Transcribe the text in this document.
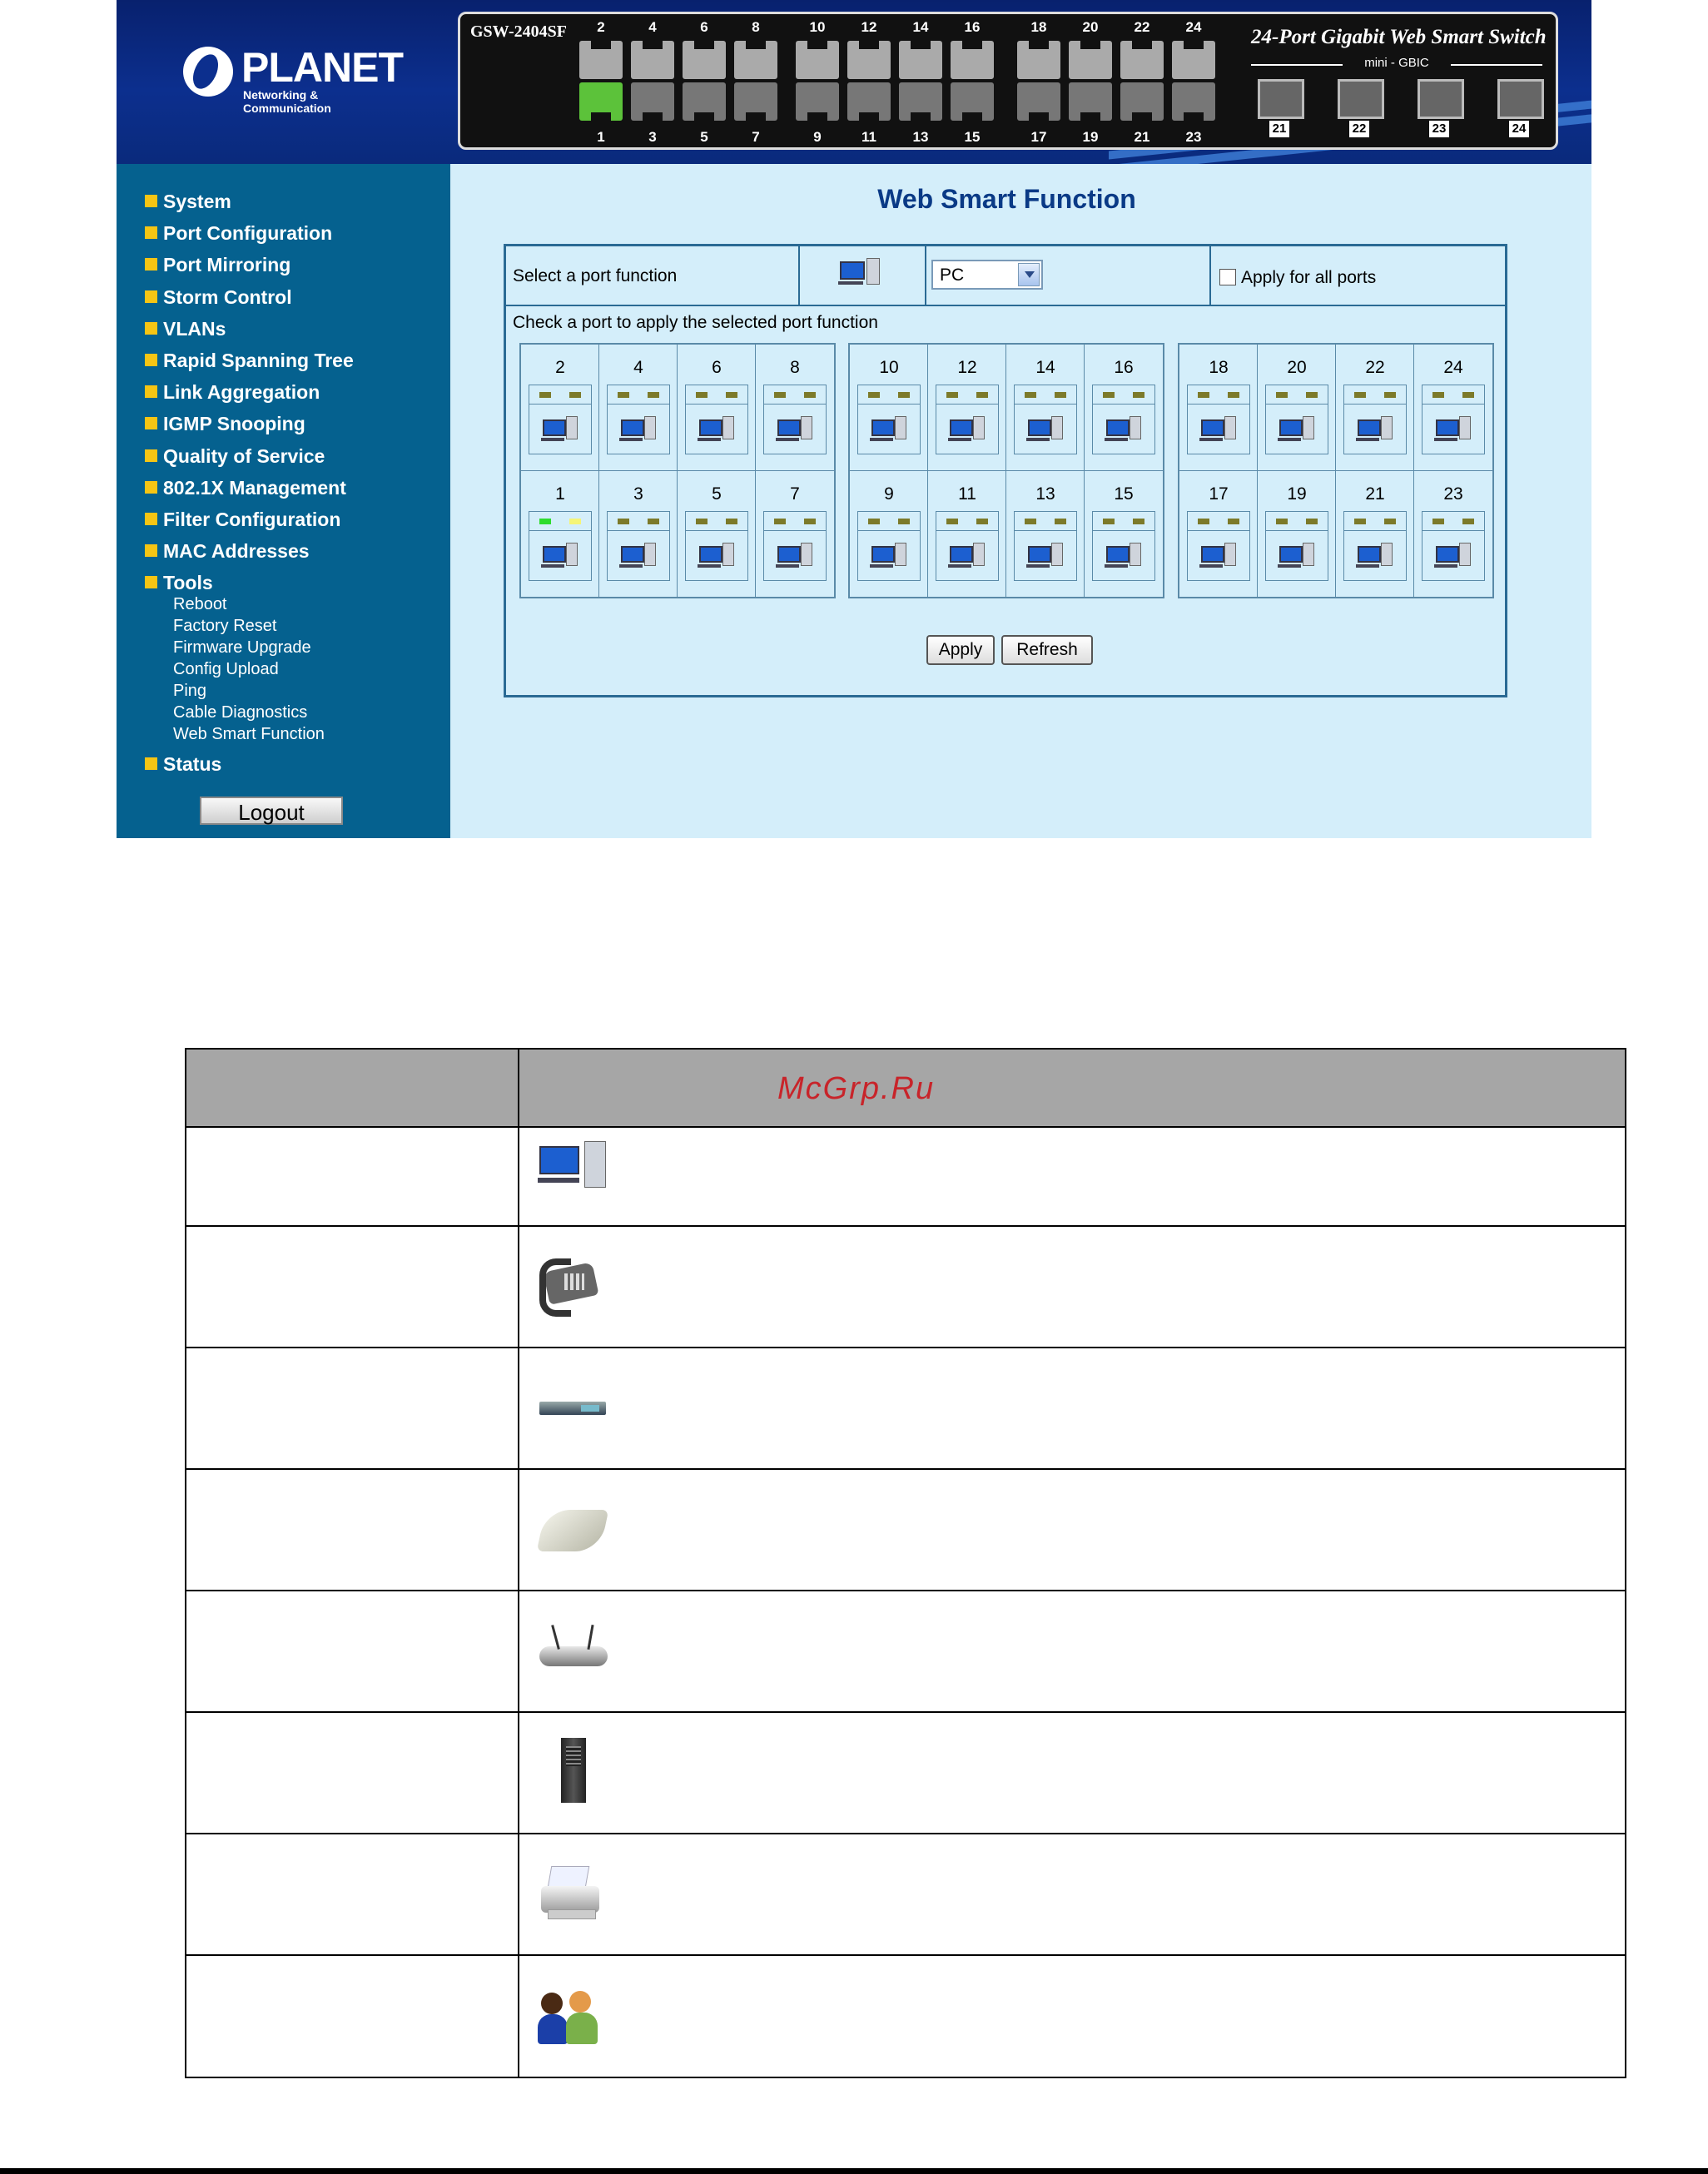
PLANET
Networking & Communication
GSW-2404SF	2
1
4
3
6
5
8
7
10
9
12
11
14
13
16
15
18
17
20
19
22
21
24
23
24-Port Gigabit Web Smart Switch
mini - GBIC
21	22	23	24
System
Port Configuration
Port Mirroring
Storm Control
VLANs
Rapid Spanning Tree
Link Aggregation
IGMP Snooping
Quality of Service
802.1X Management
Filter Configuration
MAC Addresses
Tools
Reboot
Factory Reset
Firmware Upgrade
Config Upload
Ping
Cable Diagnostics
Web Smart Function
Status
Logout
Web Smart Function
Select a port function	PC	Apply for all ports
Check a port to apply the selected port function
2	4	6	8
1	3	5	7
10	12	14	16
9	11	13	15
18	20	22	24
17	19	21	23
Apply	Refresh
McGrp.Ru
